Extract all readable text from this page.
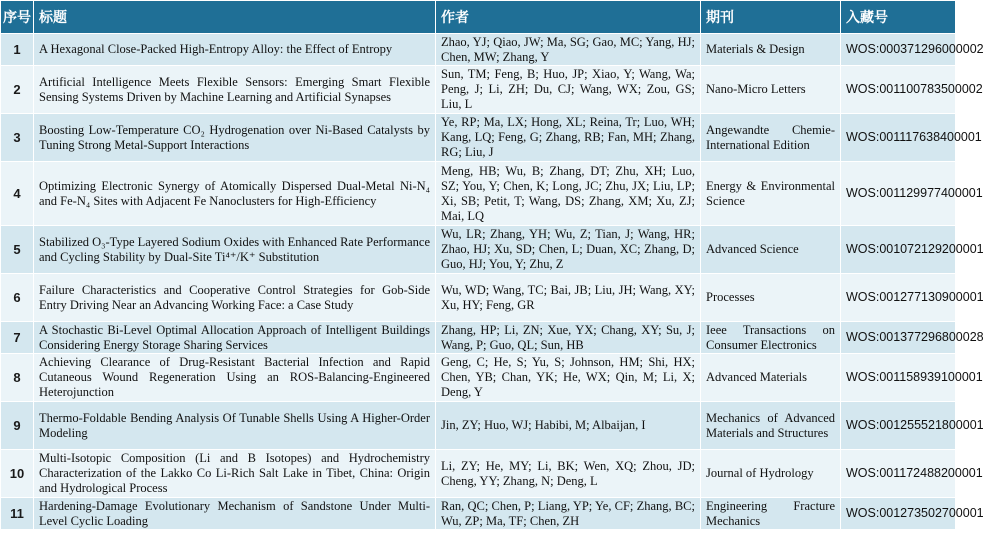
序号	标题	作者	期刊	入藏号
1	A Hexagonal Close-Packed High-Entropy Alloy: the Effect of Entropy	Zhao, YJ; Qiao, JW; Ma, SG; Gao, MC; Yang, HJ; Chen, MW; Zhang, Y	Materials & Design	WOS:000371296000002
2	Artificial Intelligence Meets Flexible Sensors: Emerging Smart Flexible Sensing Systems Driven by Machine Learning and Artificial Synapses	Sun, TM; Feng, B; Huo, JP; Xiao, Y; Wang, Wa; Peng, J; Li, ZH; Du, CJ; Wang, WX; Zou, GS; Liu, L	Nano-Micro Letters	WOS:001100783500002
3	Boosting Low-Temperature CO₂ Hydrogenation over Ni-Based Catalysts by Tuning Strong Metal-Support Interactions	Ye, RP; Ma, LX; Hong, XL; Reina, Tr; Luo, WH; Kang, LQ; Feng, G; Zhang, RB; Fan, MH; Zhang, RG; Liu, J	Angewandte Chemie-International Edition	WOS:001117638400001
4	Optimizing Electronic Synergy of Atomically Dispersed Dual-Metal Ni-N₄ and Fe-N₄ Sites with Adjacent Fe Nanoclusters for High-Efficiency	Meng, HB; Wu, B; Zhang, DT; Zhu, XH; Luo, SZ; You, Y; Chen, K; Long, JC; Zhu, JX; Liu, LP; Xi, SB; Petit, T; Wang, DS; Zhang, XM; Xu, ZJ; Mai, LQ	Energy & Environmental Science	WOS:001129977400001
5	Stabilized O₃-Type Layered Sodium Oxides with Enhanced Rate Performance and Cycling Stability by Dual-Site Ti⁴⁺/K⁺ Substitution	Wu, LR; Zhang, YH; Wu, Z; Tian, J; Wang, HR; Zhao, HJ; Xu, SD; Chen, L; Duan, XC; Zhang, D; Guo, HJ; You, Y; Zhu, Z	Advanced Science	WOS:001072129200001
6	Failure Characteristics and Cooperative Control Strategies for Gob-Side Entry Driving Near an Advancing Working Face: a Case Study	Wu, WD; Wang, TC; Bai, JB; Liu, JH; Wang, XY; Xu, HY; Feng, GR	Processes	WOS:001277130900001
7	A Stochastic Bi-Level Optimal Allocation Approach of Intelligent Buildings Considering Energy Storage Sharing Services	Zhang, HP; Li, ZN; Xue, YX; Chang, XY; Su, J; Wang, P; Guo, QL; Sun, HB	Ieee Transactions on Consumer Electronics	WOS:001377296800028
8	Achieving Clearance of Drug-Resistant Bacterial Infection and Rapid Cutaneous Wound Regeneration Using an ROS-Balancing-Engineered Heterojunction	Geng, C; He, S; Yu, S; Johnson, HM; Shi, HX; Chen, YB; Chan, YK; He, WX; Qin, M; Li, X; Deng, Y	Advanced Materials	WOS:001158939100001
9	Thermo-Foldable Bending Analysis Of Tunable Shells Using A Higher-Order Modeling	Jin, ZY; Huo, WJ; Habibi, M; Albaijan, I	Mechanics of Advanced Materials and Structures	WOS:001255521800001
10	Multi-Isotopic Composition (Li and B Isotopes) and Hydrochemistry Characterization of the Lakko Co Li-Rich Salt Lake in Tibet, China: Origin and Hydrological Process	Li, ZY; He, MY; Li, BK; Wen, XQ; Zhou, JD; Cheng, YY; Zhang, N; Deng, L	Journal of Hydrology	WOS:001172488200001
11	Hardening-Damage Evolutionary Mechanism of Sandstone Under Multi-Level Cyclic Loading	Ran, QC; Chen, P; Liang, YP; Ye, CF; Zhang, BC; Wu, ZP; Ma, TF; Chen, ZH	Engineering Fracture Mechanics	WOS:001273502700001
